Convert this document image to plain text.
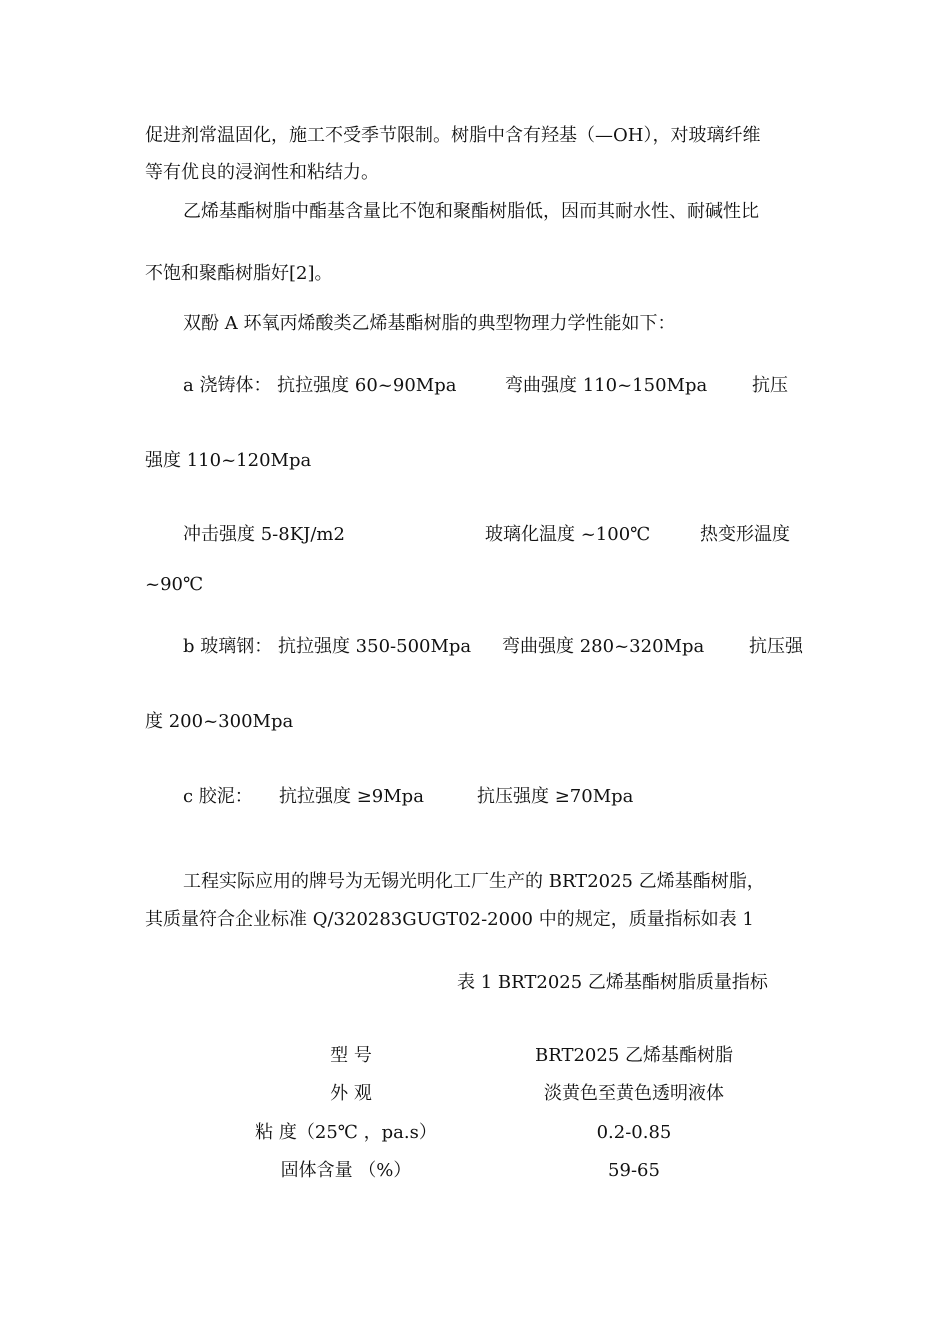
促进剂常温固化，施工不受季节限制。树脂中含有羟基（—OH），对玻璃纤维
等有优良的浸润性和粘结力。
乙烯基酯树脂中酯基含量比不饱和聚酯树脂低，因而其耐水性、耐碱性比
不饱和聚酯树脂好[2]。
双酚 A 环氧丙烯酸类乙烯基酯树脂的典型物理力学性能如下：
a 浇铸体： 抗拉强度 60~90Mpa	弯曲强度 110~150Mpa 抗压
强度 110~120Mpa
冲击强度 5-8KJ/m2	玻璃化温度 ~100℃	热变形温度
~90℃
b 玻璃钢： 抗拉强度 350-500Mpa 弯曲强度 280~320Mpa 抗压强
度 200~300Mpa
c 胶泥： 抗拉强度 ≥9Mpa	抗压强度 ≥70Mpa
工程实际应用的牌号为无锡光明化工厂生产的 BRT2025 乙烯基酯树脂，
其质量符合企业标准 Q/320283GUGT02-2000 中的规定，质量指标如表 1
表 1 BRT2025 乙烯基酯树脂质量指标
型 号	BRT2025 乙烯基酯树脂
外 观	淡黄色至黄色透明液体
粘 度（25℃ ，pa.s）	0.2-0.85
固体含量 （%）	59-65
